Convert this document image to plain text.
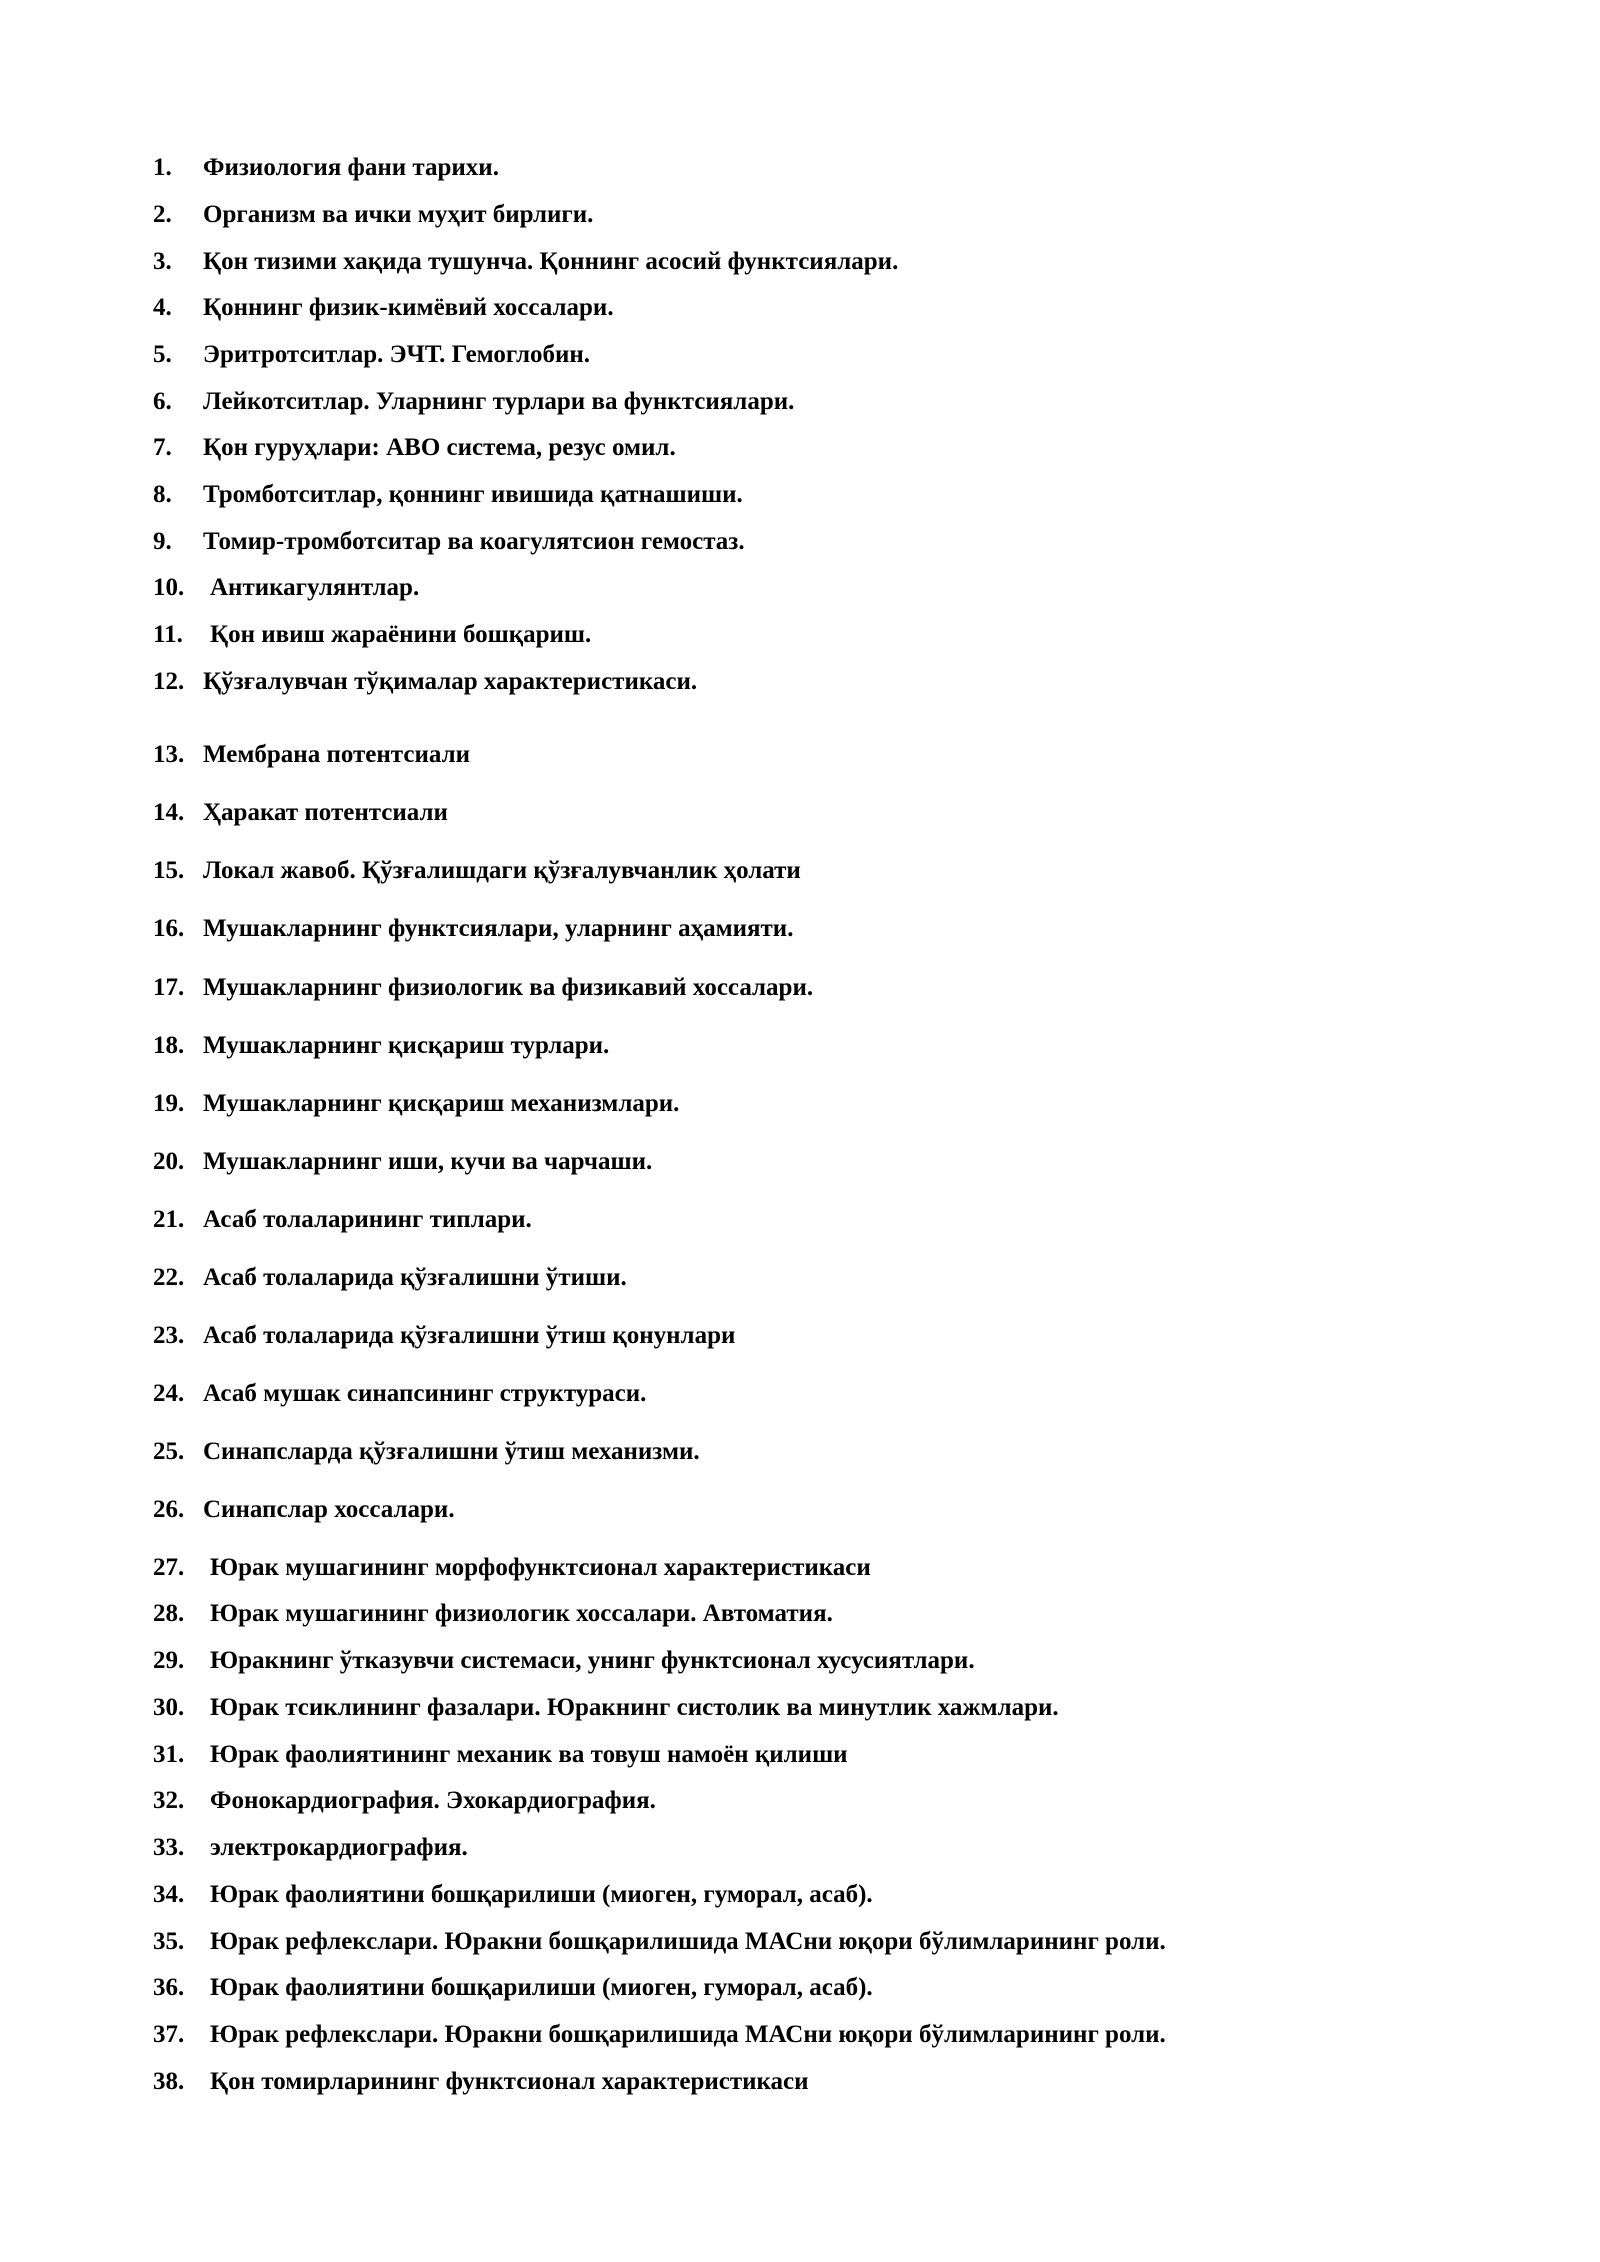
1. Физиология фани тарихи.
2. Организм ва ички муҳит бирлиги.
3. Қон тизими хақида тушунча. Қоннинг асосий функтсиялари.
4. Қоннинг физик-кимёвий хоссалари.
5. Эритротситлар. ЭЧТ. Гемоглобин.
6. Лейкотситлар. Уларнинг турлари ва функтсиялари.
7. Қон гуруҳлари: АВО система, резус омил.
8. Тромботситлар, қоннинг ивишида қатнашиши.
9. Томир-тромботситар ва коагулятсион гемостаз.
10. Антикагулянтлар.
11. Қон ивиш жараёнини бошқариш.
12. Қўзғалувчан тўқималар характеристикаси.
13. Мембрана потентсиали
14. Ҳаракат потентсиали
15. Локал жавоб. Қўзғалишдаги қўзғалувчанлик ҳолати
16. Мушакларнинг функтсиялари, уларнинг аҳамияти.
17. Мушакларнинг физиологик ва физикавий хоссалари.
18. Мушакларнинг қисқариш турлари.
19. Мушакларнинг қисқариш механизмлари.
20. Мушакларнинг иши, кучи ва чарчаши.
21. Асаб толаларининг типлари.
22. Асаб толаларида қўзғалишни ўтиши.
23. Асаб толаларида қўзғалишни ўтиш қонунлари
24. Асаб мушак синапсининг структураси.
25. Синапсларда қўзғалишни ўтиш механизми.
26. Синапслар хоссалари.
27. Юрак мушагининг морфофунктсионал характеристикаси
28. Юрак мушагининг физиологик хоссалари. Автоматия.
29. Юракнинг ўтказувчи системаси, унинг функтсионал хусусиятлари.
30. Юрак тсиклининг фазалари. Юракнинг систолик ва минутлик хажмлари.
31. Юрак фаолиятининг механик ва товуш намоён қилиши
32. Фонокардиография. Эхокардиография.
33. электрокардиография.
34. Юрак фаолиятини бошқарилиши (миоген, гуморал, асаб).
35. Юрак рефлекслари. Юракни бошқарилишида МАСни юқори бўлимларининг роли.
36. Юрак фаолиятини бошқарилиши (миоген, гуморал, асаб).
37. Юрак рефлекслари. Юракни бошқарилишида МАСни юқори бўлимларининг роли.
38. Қон томирларининг функтсионал характеристикаси
